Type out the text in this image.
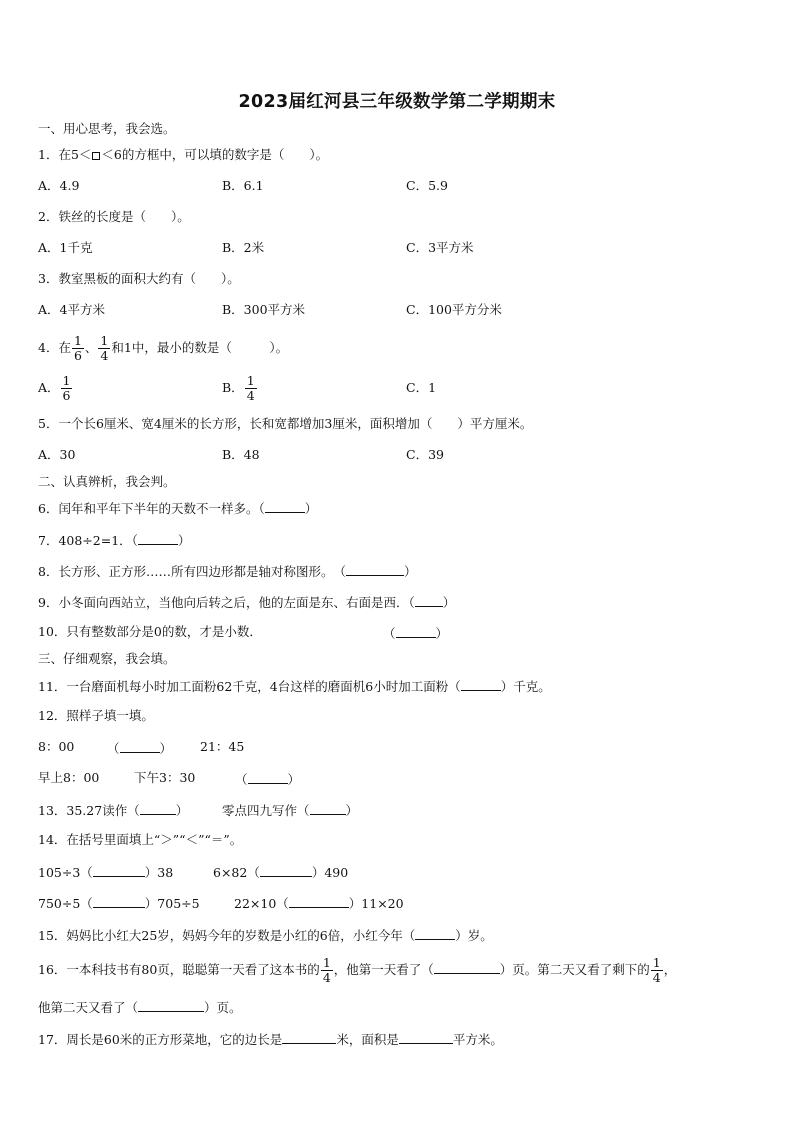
2023届红河县三年级数学第二学期期末
一、用心思考，我会选。
1．在5＜ ＜6的方框中，可以填的数字是（　　）。
A．4.9	B．6.1	C．5.9
2．铁丝的长度是（　　）。
A．1千克	B．2米	C．3平方米
3．教室黑板的面积大约有（　　）。
A．4平方米	B．300平方米	C．100平方分米
4．在 $\frac{1}{6}$ 、 $\frac{1}{4}$ 和1中，最小的数是（　　　）。
A． $\frac{1}{6}$	B． $\frac{1}{4}$	C．1
5．一个长6厘米、宽4厘米的长方形，长和宽都增加3厘米，面积增加（　　）平方厘米。
A．30	B．48	C．39
二、认真辨析，我会判。
6．闰年和平年下半年的天数不一样多。（	）
7．408÷2=1．（	）
8．长方形、正方形……所有四边形都是轴对称图形。　（	）
9．小冬面向西站立，当他向后转之后，他的左面是东、右面是西．（ ）
10．只有整数部分是0的数，才是小数．	（	）
三、仔细观察，我会填。
11．一台磨面机每小时加工面粉62千克，4台这样的磨面机6小时加工面粉（	）千克。
12．照样子填一填。
8：00	（	） 21：45
早上8：00	下午3：30	（	）
13．35.27读作（	）	零点四九写作（	）
14．在括号里面填上“＞”“＜”“＝”。
105÷3（	）38	6×82（	）490
750÷5（	）705÷5	22×10（	）11×20
15．妈妈比小红大25岁，妈妈今年的岁数是小红的6倍，小红今年（	）岁。
16．一本科技书有80页，聪聪第一天看了这本书的 $\frac{1}{4}$ ，他第一天看了（	）页。第二天又看了剩下的 $\frac{1}{4}$ ，
他第二天又看了（	）页。
17．周长是60米的正方形菜地，它的边长是	米，面积是	平方米。
